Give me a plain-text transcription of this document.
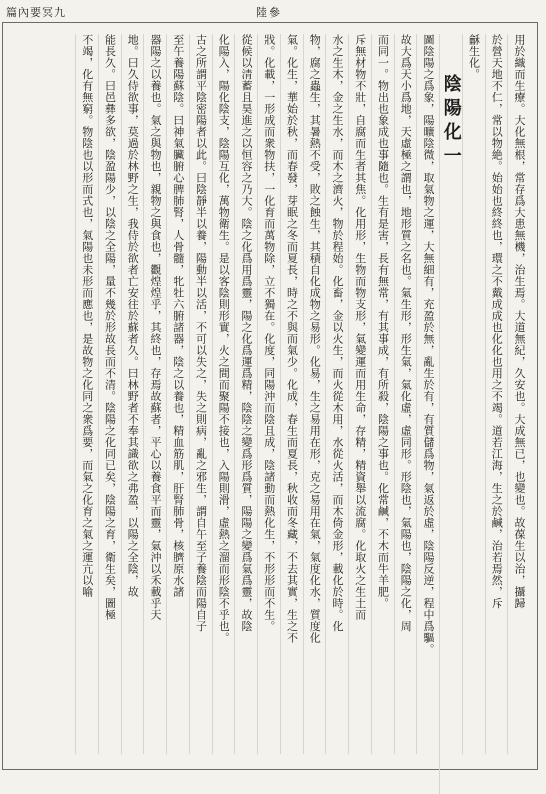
篇內要冥九	陸參
用於織而生療。大化無根，常存爲大患無機，治生焉。大道無紀，久安也。大成無已，也變也。故葆生以治，攝歸
於營天地不仁，常以物絶。始始也終終也，環之不戴成成也化化也用之不竭。道若江海，生之於鹹，治若焉然，斥
龢生化。
陰陽化一
圖陰陽之爲象，陽曠陰微，取氣物之運，大無細有，充盈於無，亂生於有，有質儲爲物，氣返於虛，陰陽反逆，程中爲驅。
故大爲天小爲地，天虛極之謂也，地形質之名也。氣生形，形生氣，氣化虛，虛同形。形陰也，氣陽也，陰陽之化，周
而同一。物出也象成也事隨也。生有是害，長有無常，有其事成，有所殺，陰陽之事也。化常鹹，不木而牛羊肥。
斥無材物不壯，自腐而生者其焦。化用形，生物而物支形，氣變運而用生命，存精，精資舉以流腐。化取火之生土而
水之生木，金之生水，而木之濟火，物於程始。化畜，金以火生，而火從木用，水從火活，而木倚金形，載化於時。化
物，腐之蟲生，其暑熱不受，敗之蝕生，其積自化成物之易形。化易，生之易用在形，克之易用在氣，氣度化水，質度化
氣。化生，華始於秋，而春發，芽眠之冬而夏長，時之不與而氣少。化成，春生而夏長，秋收而冬藏，不去其實，生之不
戕。化載，一形成而衆物扶，一化育而萬物除，立不獨在。化度，同陽沖而陰且成，陰諸動而熱化生，不形形而不生。
從候以清蓄且昊進之以恒容之乃大。陰之化爲用爲靈，陽之化爲運爲精，陰陰之變爲形爲質，陽陽之變爲氣爲靈，故陰
化陽入，陽化陰支，陰陽互化，萬物衛生。是以客陰則形實，火之間而聚陽不接也，入陽則滑，虛熱之溜而形陰不乎也。
古之所謂平陰密陽者以此。曰陰靜半以養，陽動半以活，不可以失之，失之則病，亂之邪生，謂自午至子養陰而陽自子
至午養陽蘇陰。曰神氣臟腑心脾肺腎，人骨髓，牝牡六腑諸器，陰之以養也，精血筋肌，肝腎肺骨，核臍原水諸
器陽之以養也。氣之與物也，親物之與食也，觀煌煌乎，其終也，存焉故蘇者，平心以養食平而靈，氣沖以禾載乎天
地。曰久侍欲事，莫過於林野之生，我侍於欲者亡安往於蘇者久。曰林野者不奉其識欲之弗盈，以陽之全陰，故
能長久。曰邑彝多欲，陰盈陽少，以陰之全陽，量不幾於形故長而不清。陰陽之化同已矣，陰陽之育，衛生矣，圖極
不竭，化有無窮。物陰也以形而式也，氣陽也未形而應也，是故物之化同之衆爲要，而氣之化育之氣之運亢以喻
